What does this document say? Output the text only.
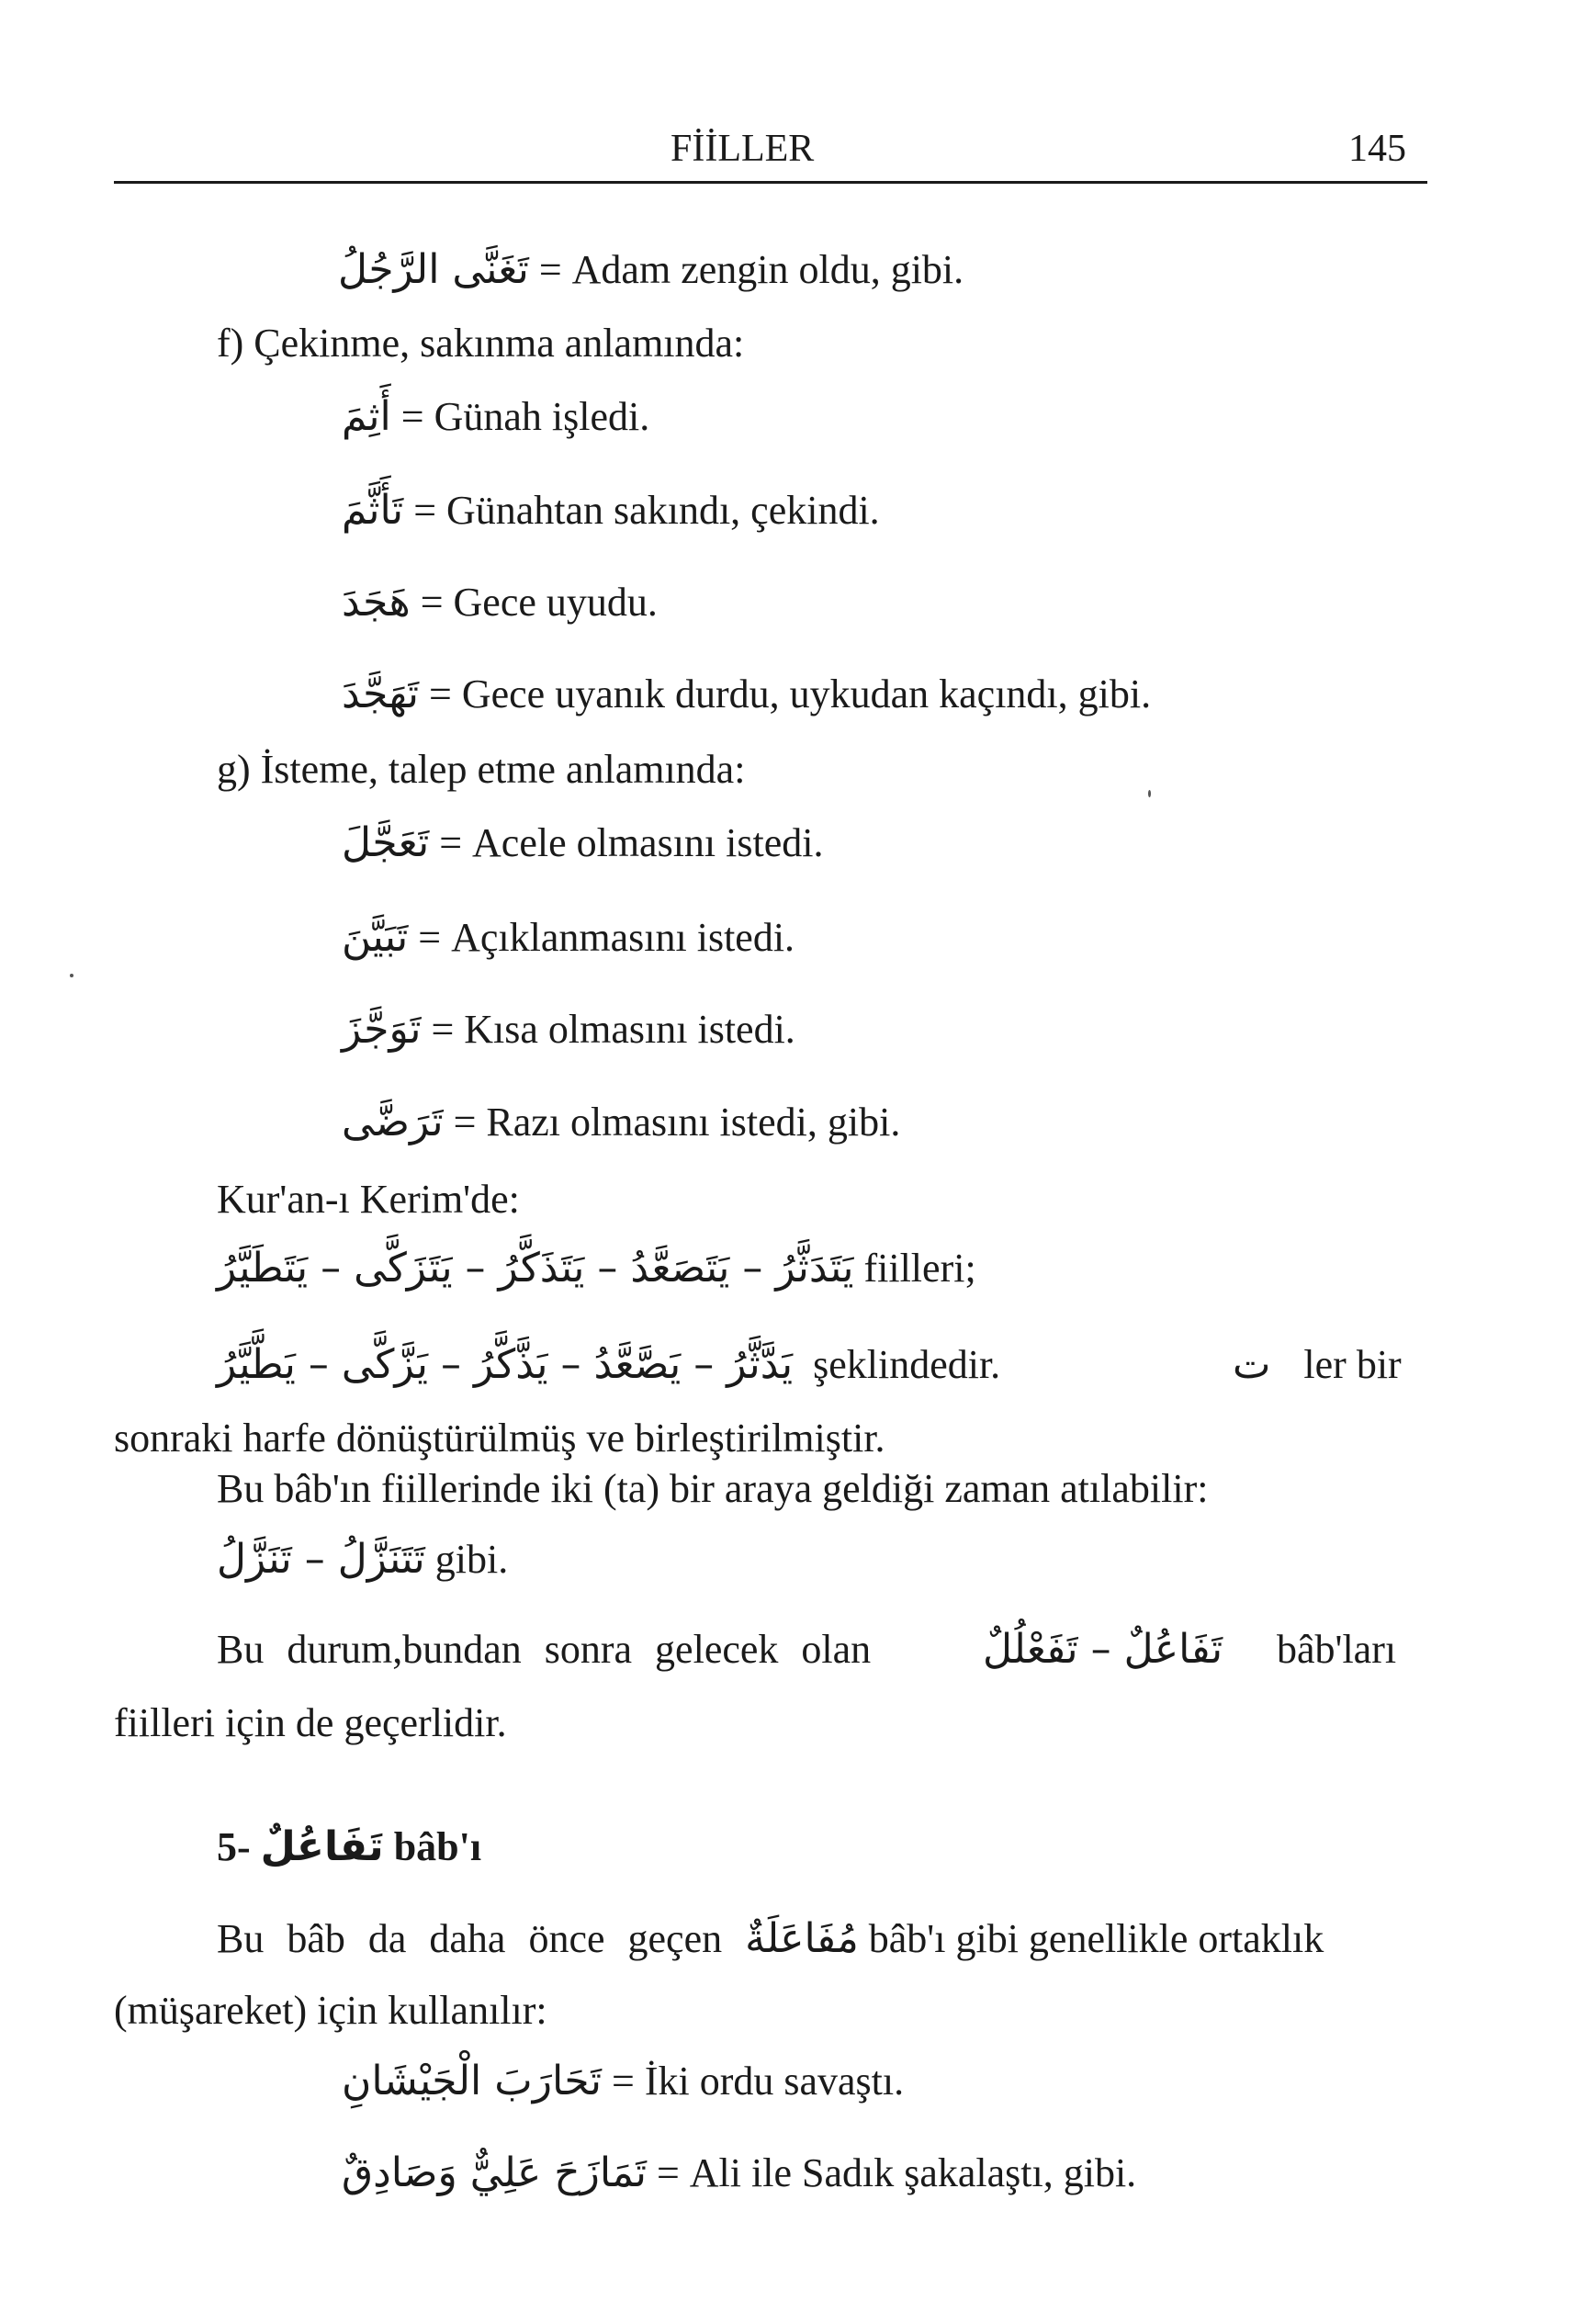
FİİLLER	145
تَغَنَّى الرَّجُلُ = Adam zengin oldu, gibi.
f) Çekinme, sakınma anlamında:
أَثِمَ = Günah işledi.
تَأَثَّمَ = Günahtan sakındı, çekindi.
هَجَدَ = Gece uyudu.
تَهَجَّدَ = Gece uyanık durdu, uykudan kaçındı, gibi.
g) İsteme, talep etme anlamında:
تَعَجَّلَ = Acele olmasını istedi.
تَبَيَّنَ = Açıklanmasını istedi.
تَوَجَّزَ = Kısa olmasını istedi.
تَرَضَّى = Razı olmasını istedi, gibi.
Kur'an-ı Kerim'de:
يَتَدَثَّرُ – يَتَصَعَّدُ – يَتَذَكَّرُ – يَتَزَكَّى – يَتَطَيَّرُ fiilleri;
يَدَّثَّرُ – يَصَّعَّدُ – يَذَّكَّرُ – يَزَّكَّى – يَطَّيَّرُ şeklindedir.	ت ler bir
sonraki harfe dönüştürülmüş ve birleştirilmiştir.
Bu bâb'ın fiillerinde iki (ta) bir araya geldiği zaman atılabilir:
تَتَنَزَّلُ – تَنَزَّلُ gibi.
Bu durum,bundan sonra gelecek olan	تَفَاعُلٌ – تَفَعْلُلٌ bâb'ları
fiilleri için de geçerlidir.
5- تَفَاعُلٌ bâb'ı
Bu bâb da daha önce geçen مُفَاعَلَةٌ bâb'ı gibi genellikle ortaklık
(müşareket) için kullanılır:
تَحَارَبَ الْجَيْشَانِ = İki ordu savaştı.
تَمَازَحَ عَلِيٌّ وَصَادِقٌ = Ali ile Sadık şakalaştı, gibi.
